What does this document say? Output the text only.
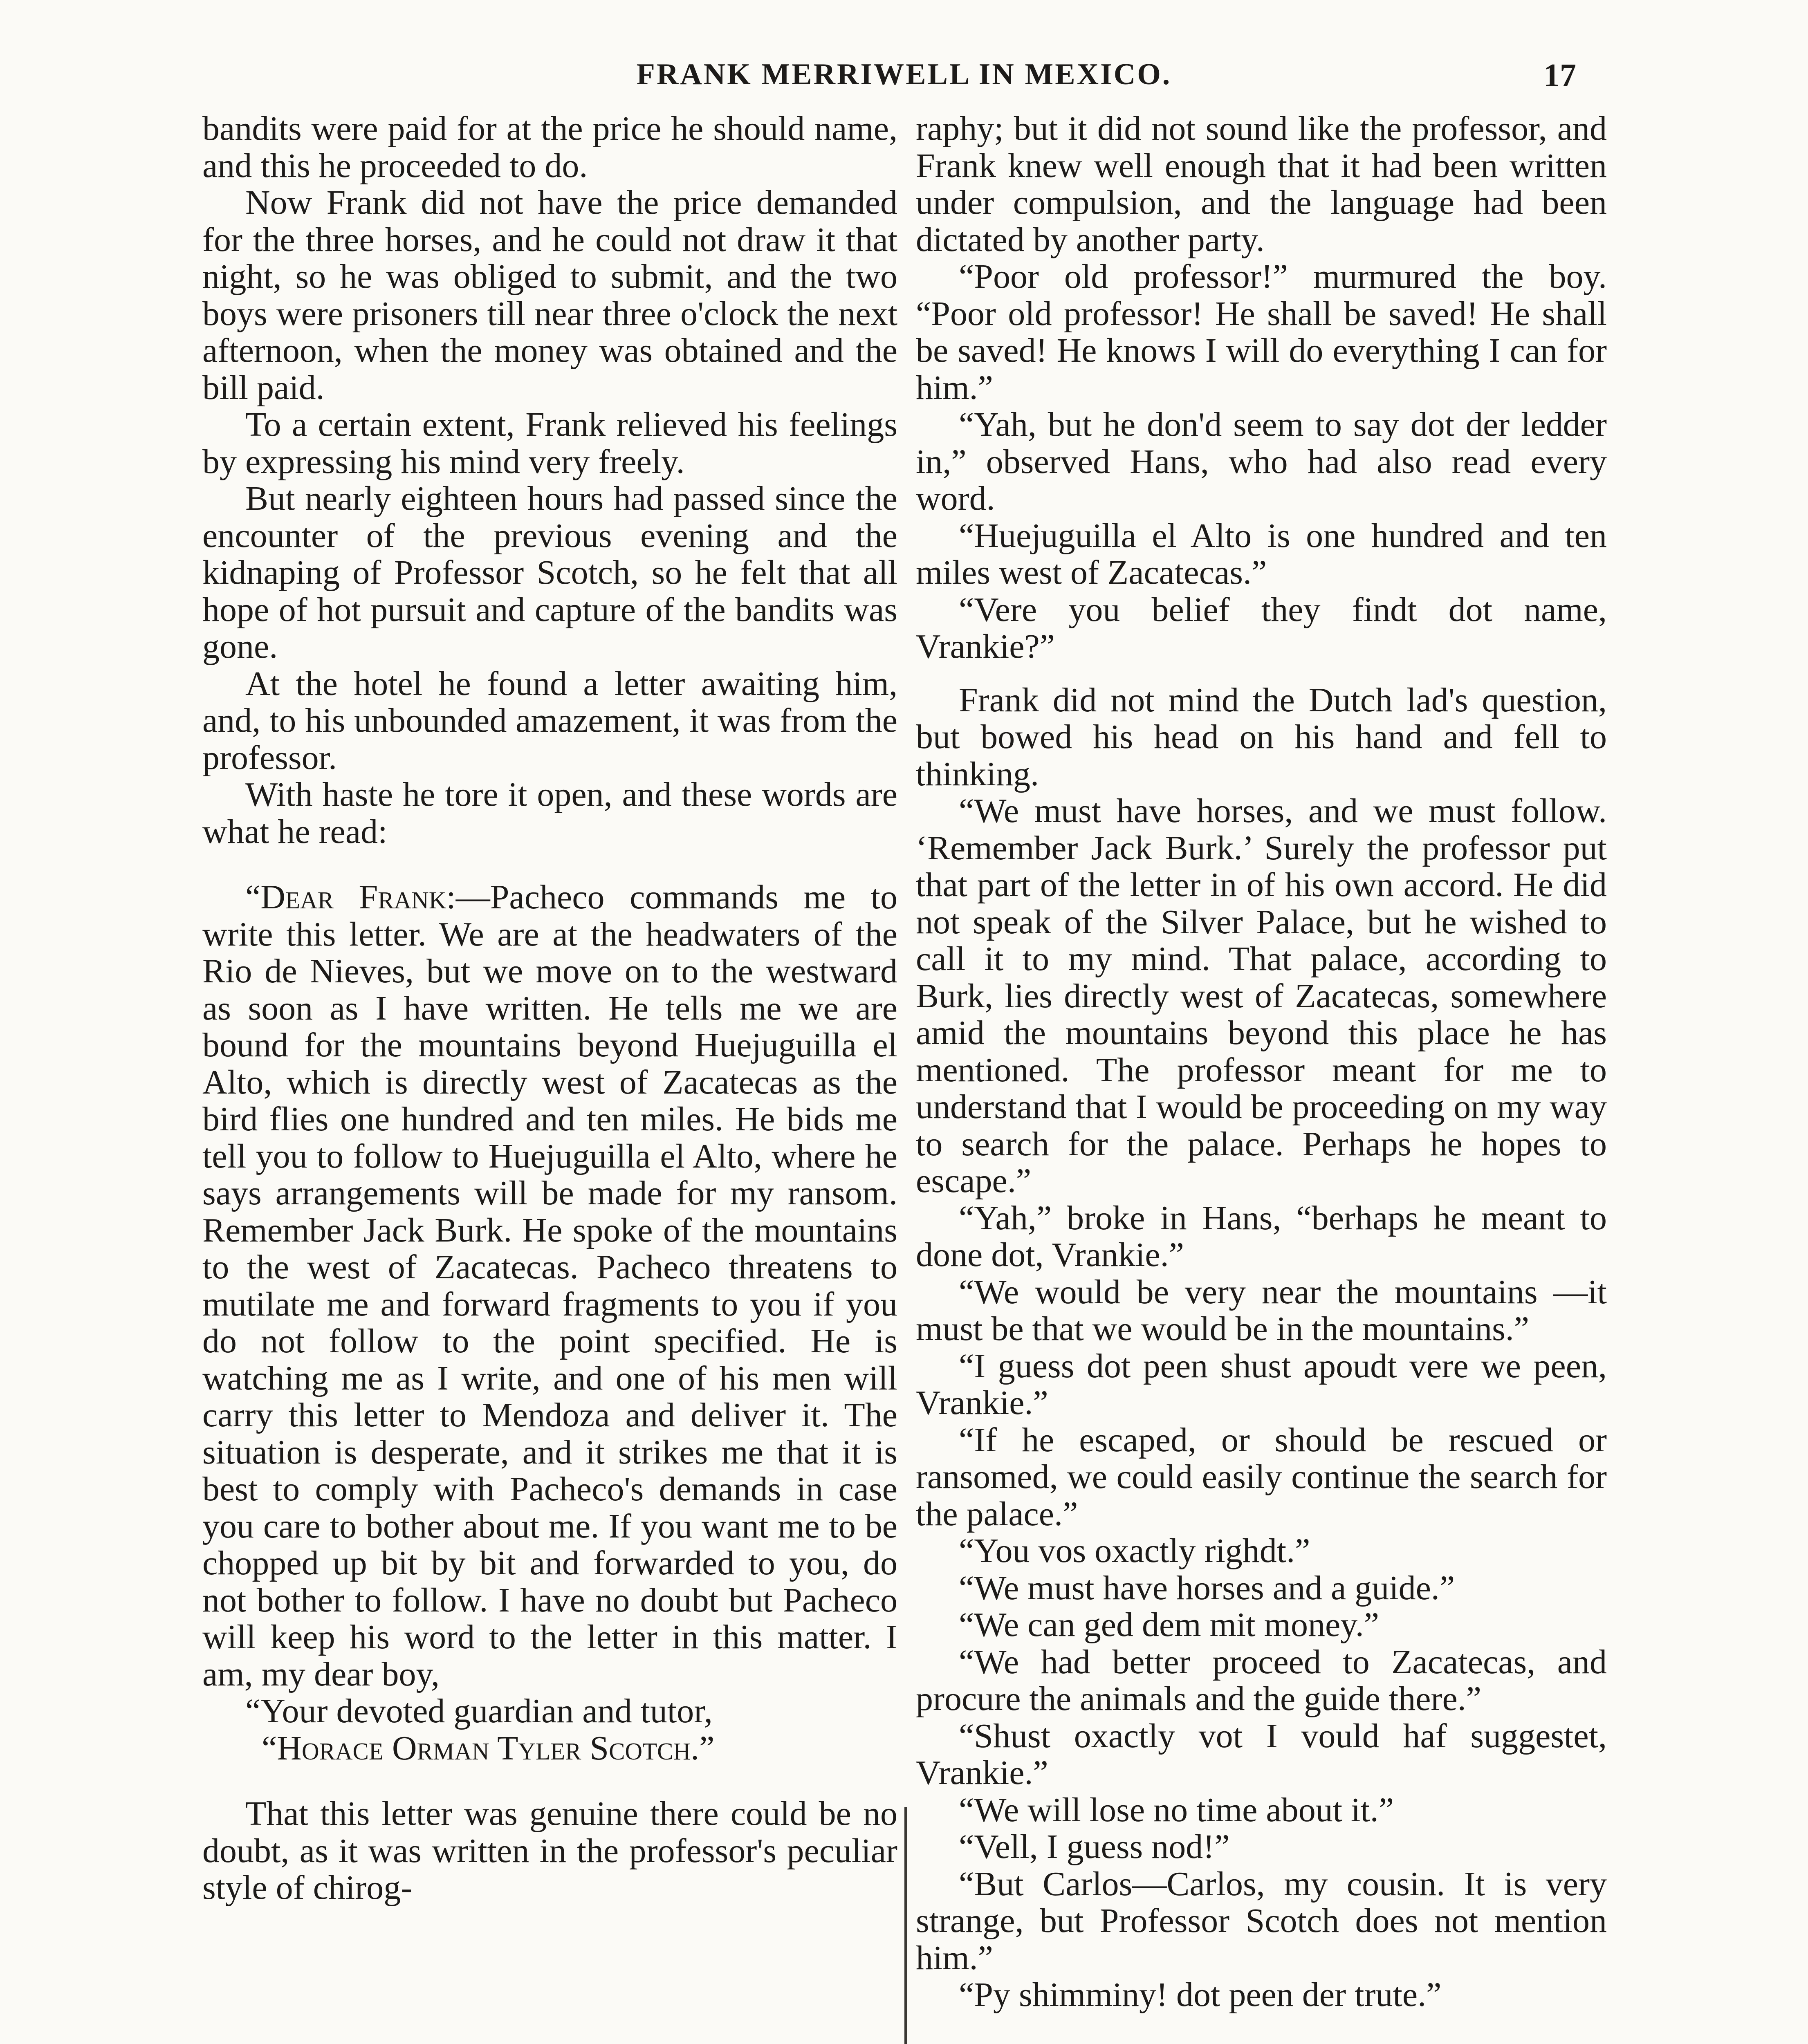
FRANK MERRIWELL IN MEXICO.	17

bandits were paid for at the price he should name, and this he proceeded to do.

Now Frank did not have the price demanded for the three horses, and he could not draw it that night, so he was obliged to submit, and the two boys were prisoners till near three o'clock the next afternoon, when the money was obtained and the bill paid.

To a certain extent, Frank relieved his feelings by expressing his mind very freely.

But nearly eighteen hours had passed since the encounter of the previous evening and the kidnaping of Professor Scotch, so he felt that all hope of hot pursuit and capture of the bandits was gone.

At the hotel he found a letter awaiting him, and, to his unbounded amazement, it was from the professor.

With haste he tore it open, and these words are what he read:

“Dear Frank:—Pacheco commands me to write this letter. We are at the headwaters of the Rio de Nieves, but we move on to the westward as soon as I have written. He tells me we are bound for the mountains beyond Huejuguilla el Alto, which is directly west of Zacatecas as the bird flies one hundred and ten miles. He bids me tell you to follow to Huejuguilla el Alto, where he says arrangements will be made for my ransom. Remember Jack Burk. He spoke of the mountains to the west of Zacatecas. Pacheco threatens to mutilate me and forward fragments to you if you do not follow to the point specified. He is watching me as I write, and one of his men will carry this letter to Mendoza and deliver it. The situation is desperate, and it strikes me that it is best to comply with Pacheco's demands in case you care to bother about me. If you want me to be chopped up bit by bit and forwarded to you, do not bother to follow. I have no doubt but Pacheco will keep his word to the letter in this matter. I am, my dear boy,

“Your devoted guardian and tutor,

“Horace Orman Tyler Scotch.”

That this letter was genuine there could be no doubt, as it was written in the professor's peculiar style of chirog-

raphy; but it did not sound like the professor, and Frank knew well enough that it had been written under compulsion, and the language had been dictated by another party.

“Poor old professor!” murmured the boy. “Poor old professor! He shall be saved! He shall be saved! He knows I will do everything I can for him.”

“Yah, but he don'd seem to say dot der ledder in,” observed Hans, who had also read every word.

“Huejuguilla el Alto is one hundred and ten miles west of Zacatecas.”

“Vere you belief they findt dot name, Vrankie?”

Frank did not mind the Dutch lad's question, but bowed his head on his hand and fell to thinking.

“We must have horses, and we must follow. ‘Remember Jack Burk.’ Surely the professor put that part of the letter in of his own accord. He did not speak of the Silver Palace, but he wished to call it to my mind. That palace, according to Burk, lies directly west of Zacatecas, somewhere amid the mountains beyond this place he has mentioned. The professor meant for me to understand that I would be proceeding on my way to search for the palace. Perhaps he hopes to escape.”

“Yah,” broke in Hans, “berhaps he meant to done dot, Vrankie.”

“We would be very near the mountains —it must be that we would be in the mountains.”

“I guess dot peen shust apoudt vere we peen, Vrankie.”

“If he escaped, or should be rescued or ransomed, we could easily continue the search for the palace.”

“You vos oxactly righdt.”

“We must have horses and a guide.”

“We can ged dem mit money.”

“We had better proceed to Zacatecas, and procure the animals and the guide there.”

“Shust oxactly vot I vould haf suggestet, Vrankie.”

“We will lose no time about it.”

“Vell, I guess nod!”

“But Carlos—Carlos, my cousin. It is very strange, but Professor Scotch does not mention him.”

“Py shimminy! dot peen der trute.”
